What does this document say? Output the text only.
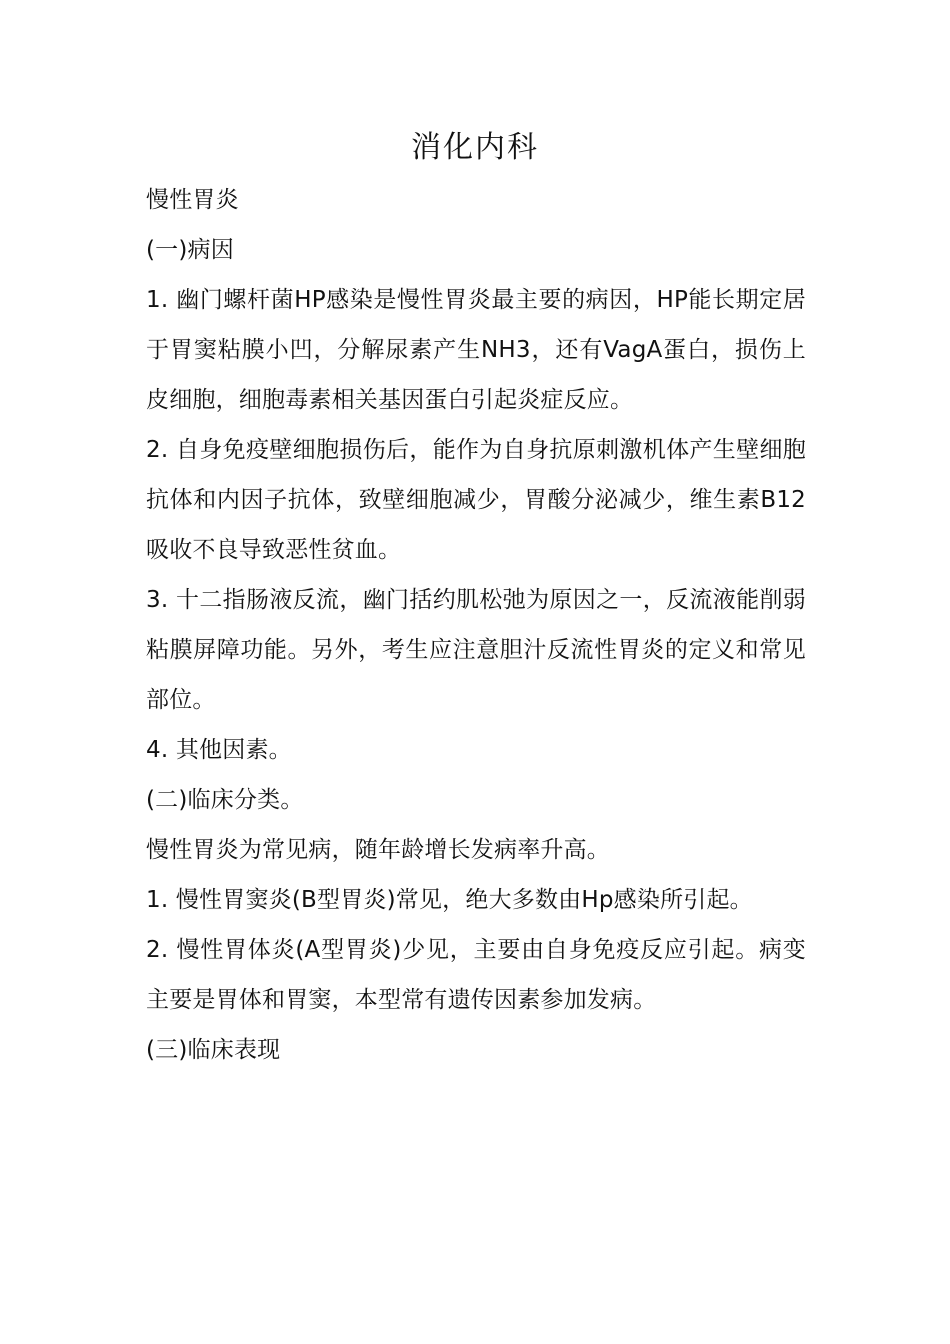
消化内科

慢性胃炎

(一)病因

1. 幽门螺杆菌HP感染是慢性胃炎最主要的病因，HP能长期定居于胃窦粘膜小凹，分解尿素产生NH3，还有VagA蛋白，损伤上皮细胞，细胞毒素相关基因蛋白引起炎症反应。

2. 自身免疫壁细胞损伤后，能作为自身抗原刺激机体产生壁细胞抗体和内因子抗体，致壁细胞减少，胃酸分泌减少，维生素B12吸收不良导致恶性贫血。

3. 十二指肠液反流，幽门括约肌松弛为原因之一，反流液能削弱粘膜屏障功能。另外，考生应注意胆汁反流性胃炎的定义和常见部位。

4. 其他因素。

(二)临床分类。

慢性胃炎为常见病，随年龄增长发病率升高。

1. 慢性胃窦炎(B型胃炎)常见，绝大多数由Hp感染所引起。

2. 慢性胃体炎(A型胃炎)少见，主要由自身免疫反应引起。病变主要是胃体和胃窦，本型常有遗传因素参加发病。

(三)临床表现
